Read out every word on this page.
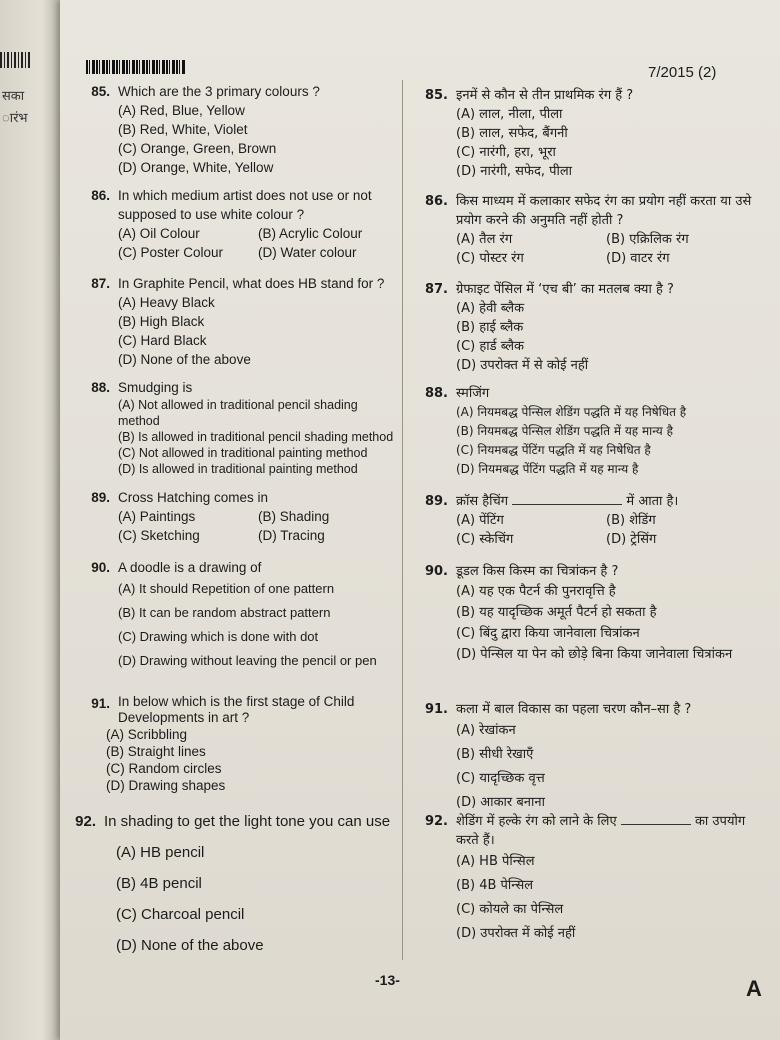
सका
ारंभ
7/2015 (2)
85. Which are the 3 primary colours ?
(A) Red, Blue, Yellow
(B) Red, White, Violet
(C) Orange, Green, Brown
(D) Orange, White, Yellow
86. In which medium artist does not use or not supposed to use white colour ?
(A) Oil Colour	(B) Acrylic Colour
(C) Poster Colour	(D) Water colour
87. In Graphite Pencil, what does HB stand for ?
(A) Heavy Black
(B) High Black
(C) Hard Black
(D) None of the above
88. Smudging is
(A) Not allowed in traditional pencil shading method
(B) Is allowed in traditional pencil shading method
(C) Not allowed in traditional painting method
(D) Is allowed in traditional painting method
89. Cross Hatching comes in
(A) Paintings	(B) Shading
(C) Sketching	(D) Tracing
90. A doodle is a drawing of
(A) It should Repetition of one pattern
(B) It can be random abstract pattern
(C) Drawing which is done with dot
(D) Drawing without leaving the pencil or pen
91. In below which is the first stage of Child Developments in art ?
(A) Scribbling
(B) Straight lines
(C) Random circles
(D) Drawing shapes
92. In shading to get the light tone you can use
(A) HB pencil
(B) 4B pencil
(C) Charcoal pencil
(D) None of the above
85. इनमें से कौन से तीन प्राथमिक रंग हैं ?
(A) लाल, नीला, पीला
(B) लाल, सफेद, बैंगनी
(C) नारंगी, हरा, भूरा
(D) नारंगी, सफेद, पीला
86. किस माध्यम में कलाकार सफेद रंग का प्रयोग नहीं करता या उसे प्रयोग करने की अनुमति नहीं होती ?
(A) तैल रंग	(B) एक्रिलिक रंग
(C) पोस्टर रंग	(D) वाटर रंग
87. ग्रेफाइट पेंसिल में ‘एच बी’ का मतलब क्या है ?
(A) हेवी ब्लैक
(B) हाई ब्लैक
(C) हार्ड ब्लैक
(D) उपरोक्त में से कोई नहीं
88. स्मजिंग
(A) नियमबद्ध पेन्सिल शेडिंग पद्धति में यह निषेधित है
(B) नियमबद्ध पेन्सिल शेडिंग पद्धति में यह मान्य है
(C) नियमबद्ध पेंटिंग पद्धति में यह निषेधित है
(D) नियमबद्ध पेंटिंग पद्धति में यह मान्य है
89. क्रॉस हैचिंग	में आता है।
(A) पेंटिंग	(B) शेडिंग
(C) स्केचिंग	(D) ट्रेसिंग
90. डूडल किस किस्म का चित्रांकन है ?
(A) यह एक पैटर्न की पुनरावृत्ति है
(B) यह यादृच्छिक अमूर्त पैटर्न हो सकता है
(C) बिंदु द्वारा किया जानेवाला चित्रांकन
(D) पेन्सिल या पेन को छोड़े बिना किया जानेवाला चित्रांकन
91. कला में बाल विकास का पहला चरण कौन–सा है ?
(A) रेखांकन
(B) सीधी रेखाएँ
(C) यादृच्छिक वृत्त
(D) आकार बनाना
92. शेडिंग में हल्के रंग को लाने के लिए	का उपयोग करते हैं।
(A) HB पेन्सिल
(B) 4B पेन्सिल
(C) कोयले का पेन्सिल
(D) उपरोक्त में कोई नहीं
-13-	A
